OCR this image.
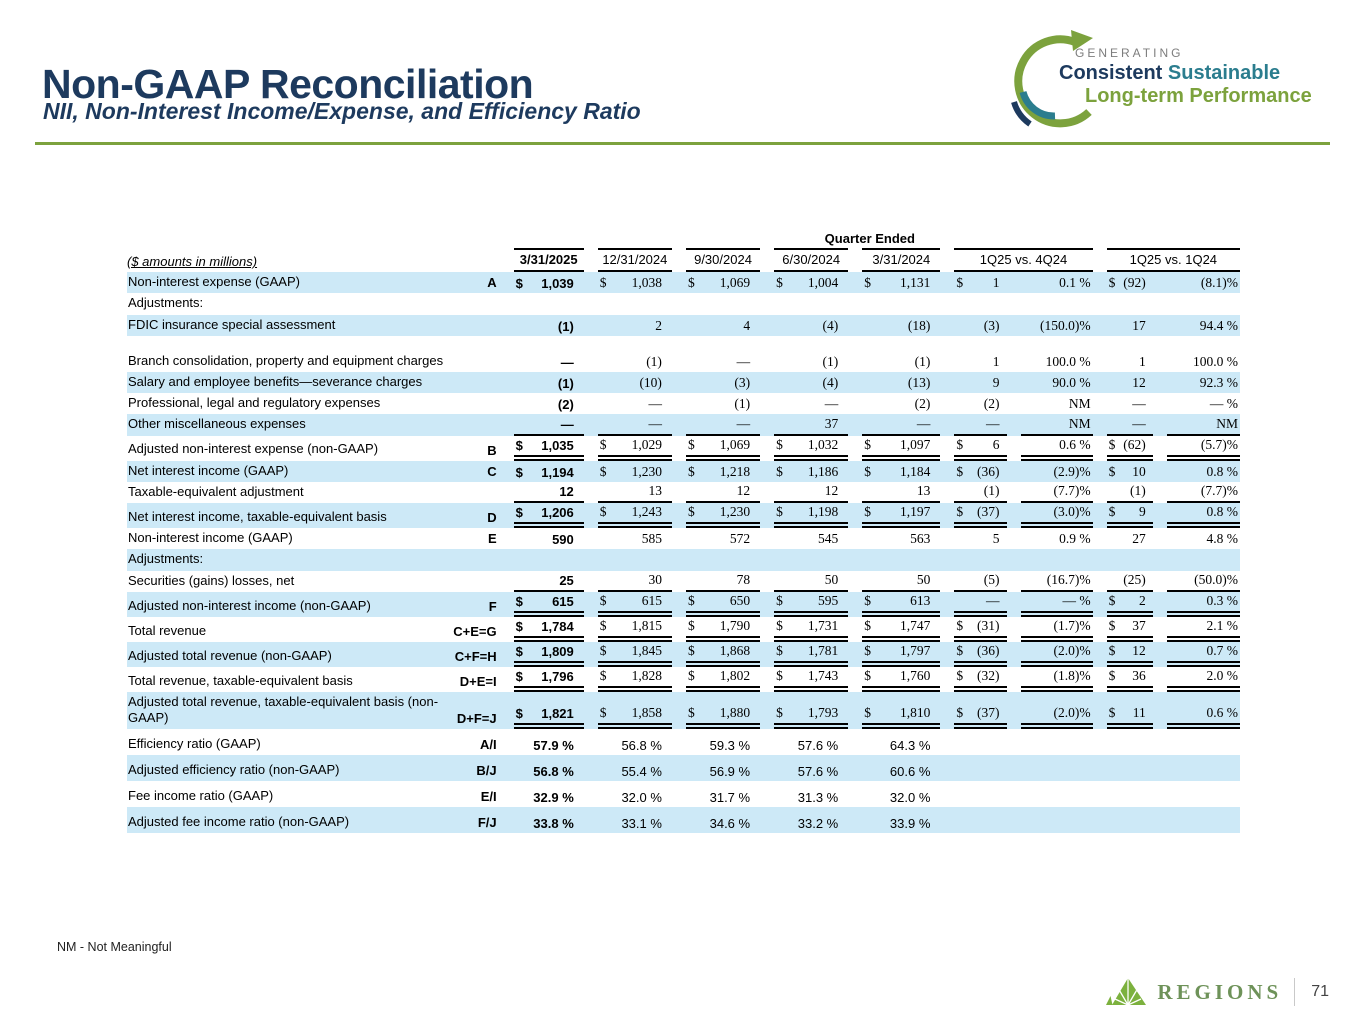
Non-GAAP Reconciliation
NII, Non-Interest Income/Expense, and Efficiency Ratio
GENERATING
Consistent Sustainable
Long-term Performance
		Quarter Ended								
($ amounts in millions)		3/31/2025	12/31/2024	9/30/2024	6/30/2024	3/31/2024	1Q25 vs. 4Q24		1Q25 vs. 1Q24	

Non-interest expense (GAAP)	A	$ 1,039	$ 1,038	$ 1,069	$ 1,004	$ 1,131	$ 1	0.1 %	$ (92)	(8.1)%

Adjustments:										
FDIC insurance special assessment		(1)	2	4	(4)	(18)	(3)	(150.0)%	17	94.4 %

Branch consolidation, property and equipment charges		—	(1)	—	(1)	(1)	1	100.0 %	1	100.0 %

Salary and employee benefits—severance charges		(1)	(10)	(3)	(4)	(13)	9	90.0 %	12	92.3 %

Professional, legal and regulatory expenses		(2)	—	(1)	—	(2)	(2)	NM	—	— %

Other miscellaneous expenses		—	—	—	37	—	—	NM	—	NM

Adjusted non-interest expense (non-GAAP)	B	$ 1,035	$ 1,029	$ 1,069	$ 1,032	$ 1,097	$ 6	0.6 %	$ (62)	(5.7)%

Net interest income (GAAP)	C	$ 1,194	$ 1,230	$ 1,218	$ 1,186	$ 1,184	$ (36)	(2.9)%	$ 10	0.8 %

Taxable-equivalent adjustment		12	13	12	12	13	(1)	(7.7)%	(1)	(7.7)%

Net interest income, taxable-equivalent basis	D	$ 1,206	$ 1,243	$ 1,230	$ 1,198	$ 1,197	$ (37)	(3.0)%	$ 9	0.8 %

Non-interest income (GAAP)	E	590	585	572	545	563	5	0.9 %	27	4.8 %

Adjustments:										
Securities (gains) losses, net		25	30	78	50	50	(5)	(16.7)%	(25)	(50.0)%

Adjusted non-interest income (non-GAAP)	F	$ 615	$ 615	$ 650	$ 595	$ 613	—	— %	$ 2	0.3 %

Total revenue	C+E=G	$ 1,784	$ 1,815	$ 1,790	$ 1,731	$ 1,747	$ (31)	(1.7)%	$ 37	2.1 %

Adjusted total revenue (non-GAAP)	C+F=H	$ 1,809	$ 1,845	$ 1,868	$ 1,781	$ 1,797	$ (36)	(2.0)%	$ 12	0.7 %

Total revenue, taxable-equivalent basis	D+E=I	$ 1,796	$ 1,828	$ 1,802	$ 1,743	$ 1,760	$ (32)	(1.8)%	$ 36	2.0 %

Adjusted total revenue, taxable-equivalent basis (non-GAAP)	D+F=J	$ 1,821	$ 1,858	$ 1,880	$ 1,793	$ 1,810	$ (37)	(2.0)%	$ 11	0.6 %

Efficiency ratio (GAAP)	A/I	57.9 %	56.8 %	59.3 %	57.6 %	64.3 %				

Adjusted efficiency ratio (non-GAAP)	B/J	56.8 %	55.4 %	56.9 %	57.6 %	60.6 %				

Fee income ratio (GAAP)	E/I	32.9 %	32.0 %	31.7 %	31.3 %	32.0 %				

Adjusted fee income ratio (non-GAAP)	F/J	33.8 %	33.1 %	34.6 %	33.2 %	33.9 %				

NM - Not Meaningful
REGIONS 71
